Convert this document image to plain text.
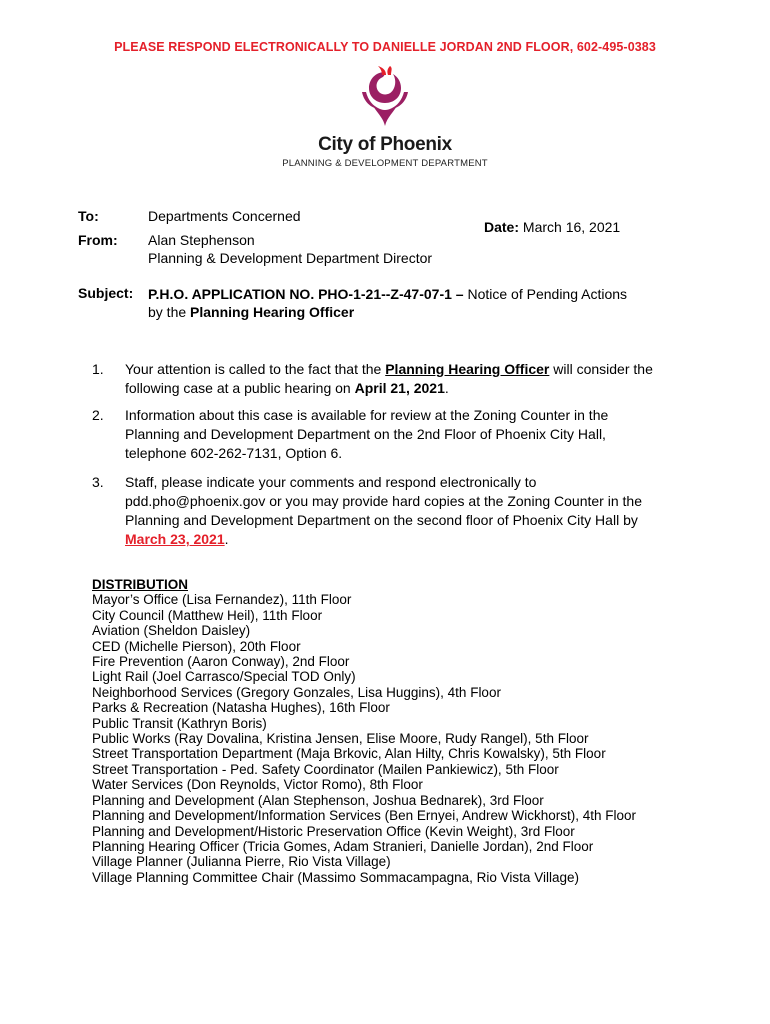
PLEASE RESPOND ELECTRONICALLY TO DANIELLE JORDAN 2ND FLOOR, 602-495-0383
City of Phoenix
PLANNING & DEVELOPMENT DEPARTMENT
To:	Departments Concerned
From: Alan Stephenson
Planning & Development Department Director
Date: March 16, 2021
Subject: P.H.O. APPLICATION NO. PHO-1-21--Z-47-07-1 – Notice of Pending Actions
by the Planning Hearing Officer
1. Your attention is called to the fact that the Planning Hearing Officer will consider the following case at a public hearing on April 21, 2021.
2. Information about this case is available for review at the Zoning Counter in the Planning and Development Department on the 2nd Floor of Phoenix City Hall, telephone 602-262-7131, Option 6.
3. Staff, please indicate your comments and respond electronically to pdd.pho@phoenix.gov or you may provide hard copies at the Zoning Counter in the Planning and Development Department on the second floor of Phoenix City Hall by March 23, 2021.
DISTRIBUTION
Mayor’s Office (Lisa Fernandez), 11th Floor
City Council (Matthew Heil), 11th Floor
Aviation (Sheldon Daisley)
CED (Michelle Pierson), 20th Floor
Fire Prevention (Aaron Conway), 2nd Floor
Light Rail (Joel Carrasco/Special TOD Only)
Neighborhood Services (Gregory Gonzales, Lisa Huggins), 4th Floor
Parks & Recreation (Natasha Hughes), 16th Floor
Public Transit (Kathryn Boris)
Public Works (Ray Dovalina, Kristina Jensen, Elise Moore, Rudy Rangel), 5th Floor
Street Transportation Department (Maja Brkovic, Alan Hilty, Chris Kowalsky), 5th Floor
Street Transportation - Ped. Safety Coordinator (Mailen Pankiewicz), 5th Floor
Water Services (Don Reynolds, Victor Romo), 8th Floor
Planning and Development (Alan Stephenson, Joshua Bednarek), 3rd Floor
Planning and Development/Information Services (Ben Ernyei, Andrew Wickhorst), 4th Floor
Planning and Development/Historic Preservation Office (Kevin Weight), 3rd Floor
Planning Hearing Officer (Tricia Gomes, Adam Stranieri, Danielle Jordan), 2nd Floor
Village Planner (Julianna Pierre, Rio Vista Village)
Village Planning Committee Chair (Massimo Sommacampagna, Rio Vista Village)
